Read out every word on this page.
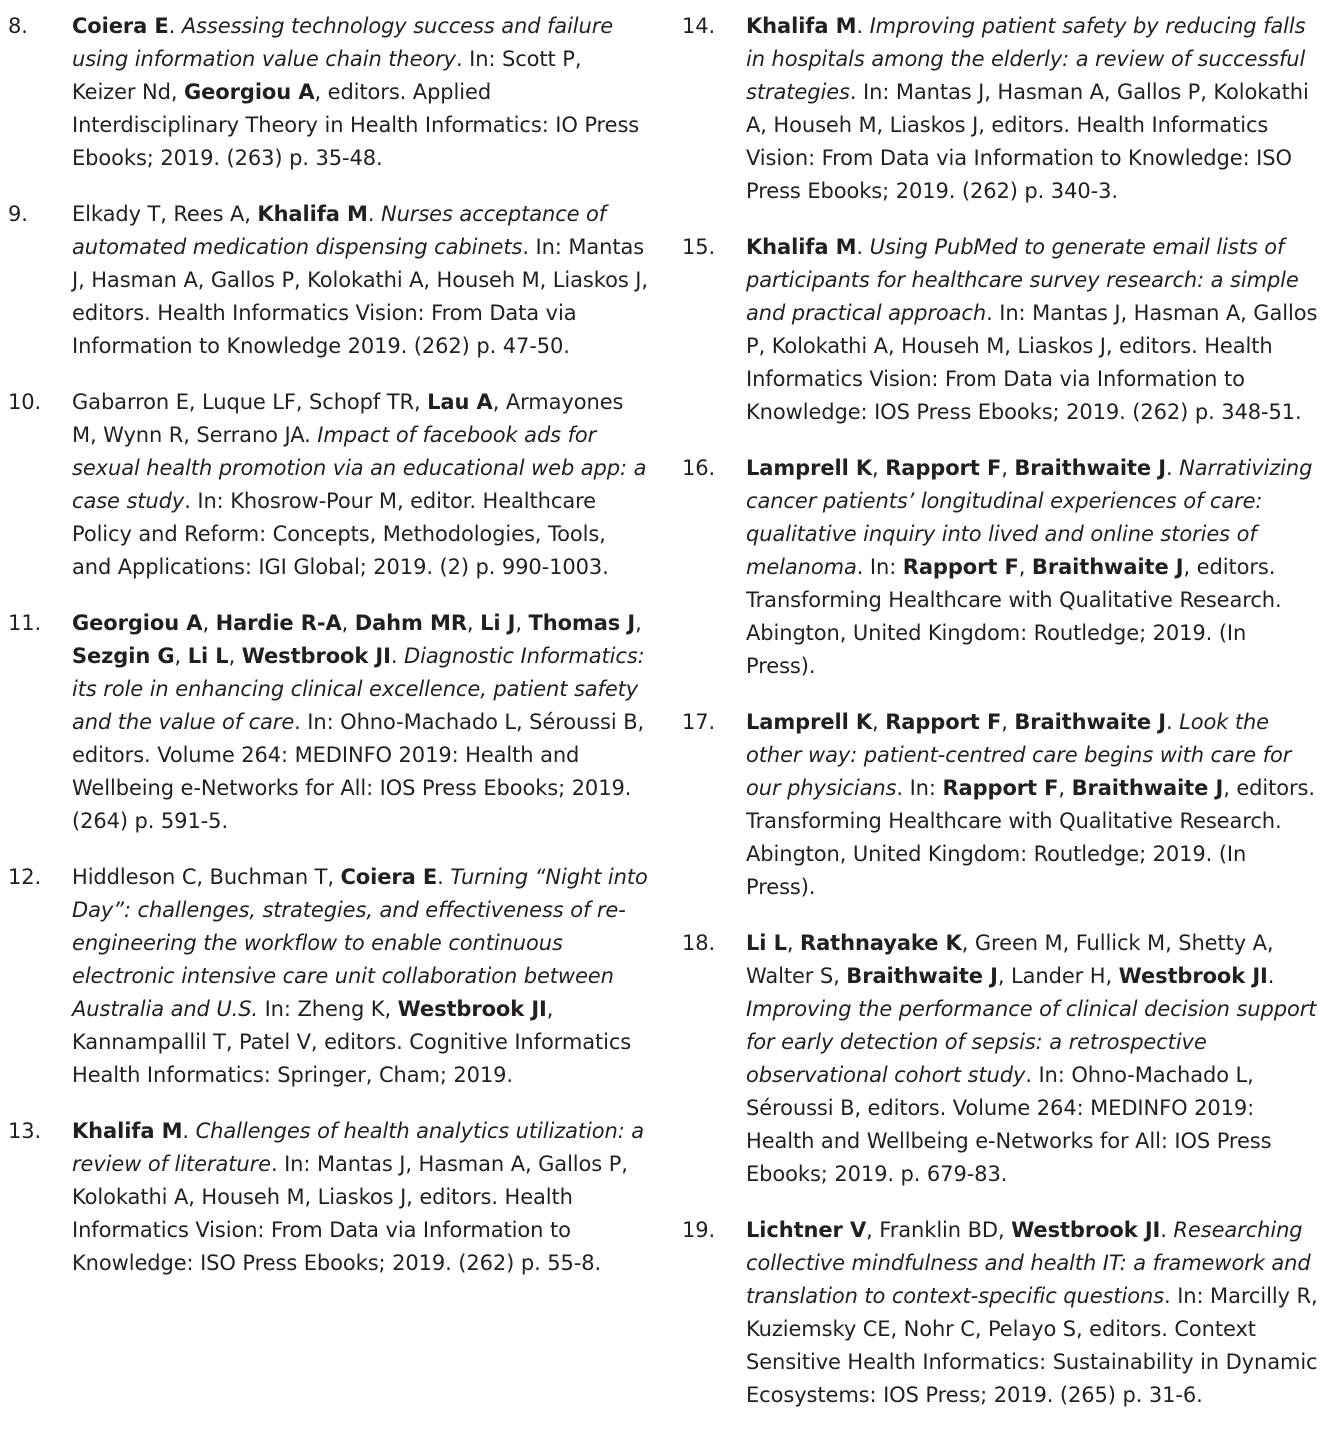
8. Coiera E. Assessing technology success and failure using information value chain theory. In: Scott P, Keizer Nd, Georgiou A, editors. Applied Interdisciplinary Theory in Health Informatics: IO Press Ebooks; 2019. (263) p. 35-48.
9. Elkady T, Rees A, Khalifa M. Nurses acceptance of automated medication dispensing cabinets. In: Mantas J, Hasman A, Gallos P, Kolokathi A, Househ M, Liaskos J, editors. Health Informatics Vision: From Data via Information to Knowledge 2019. (262) p. 47-50.
10. Gabarron E, Luque LF, Schopf TR, Lau A, Armayones M, Wynn R, Serrano JA. Impact of facebook ads for sexual health promotion via an educational web app: a case study. In: Khosrow-Pour M, editor. Healthcare Policy and Reform: Concepts, Methodologies, Tools, and Applications: IGI Global; 2019. (2) p. 990-1003.
11. Georgiou A, Hardie R-A, Dahm MR, Li J, Thomas J, Sezgin G, Li L, Westbrook JI. Diagnostic Informatics: its role in enhancing clinical excellence, patient safety and the value of care. In: Ohno-Machado L, Séroussi B, editors. Volume 264: MEDINFO 2019: Health and Wellbeing e-Networks for All: IOS Press Ebooks; 2019. (264) p. 591-5.
12. Hiddleson C, Buchman T, Coiera E. Turning “Night into Day”: challenges, strategies, and effectiveness of re-engineering the workflow to enable continuous electronic intensive care unit collaboration between Australia and U.S. In: Zheng K, Westbrook JI, Kannampallil T, Patel V, editors. Cognitive Informatics Health Informatics: Springer, Cham; 2019.
13. Khalifa M. Challenges of health analytics utilization: a review of literature. In: Mantas J, Hasman A, Gallos P, Kolokathi A, Househ M, Liaskos J, editors. Health Informatics Vision: From Data via Information to Knowledge: ISO Press Ebooks; 2019. (262) p. 55-8.
14. Khalifa M. Improving patient safety by reducing falls in hospitals among the elderly: a review of successful strategies. In: Mantas J, Hasman A, Gallos P, Kolokathi A, Househ M, Liaskos J, editors. Health Informatics Vision: From Data via Information to Knowledge: ISO Press Ebooks; 2019. (262) p. 340-3.
15. Khalifa M. Using PubMed to generate email lists of participants for healthcare survey research: a simple and practical approach. In: Mantas J, Hasman A, Gallos P, Kolokathi A, Househ M, Liaskos J, editors. Health Informatics Vision: From Data via Information to Knowledge: IOS Press Ebooks; 2019. (262) p. 348-51.
16. Lamprell K, Rapport F, Braithwaite J. Narrativizing cancer patients’ longitudinal experiences of care: qualitative inquiry into lived and online stories of melanoma. In: Rapport F, Braithwaite J, editors. Transforming Healthcare with Qualitative Research. Abington, United Kingdom: Routledge; 2019. (In Press).
17. Lamprell K, Rapport F, Braithwaite J. Look the other way: patient-centred care begins with care for our physicians. In: Rapport F, Braithwaite J, editors. Transforming Healthcare with Qualitative Research. Abington, United Kingdom: Routledge; 2019. (In Press).
18. Li L, Rathnayake K, Green M, Fullick M, Shetty A, Walter S, Braithwaite J, Lander H, Westbrook JI. Improving the performance of clinical decision support for early detection of sepsis: a retrospective observational cohort study. In: Ohno-Machado L, Séroussi B, editors. Volume 264: MEDINFO 2019: Health and Wellbeing e-Networks for All: IOS Press Ebooks; 2019. p. 679-83.
19. Lichtner V, Franklin BD, Westbrook JI. Researching collective mindfulness and health IT: a framework and translation to context-specific questions. In: Marcilly R, Kuziemsky CE, Nohr C, Pelayo S, editors. Context Sensitive Health Informatics: Sustainability in Dynamic Ecosystems: IOS Press; 2019. (265) p. 31-6.
